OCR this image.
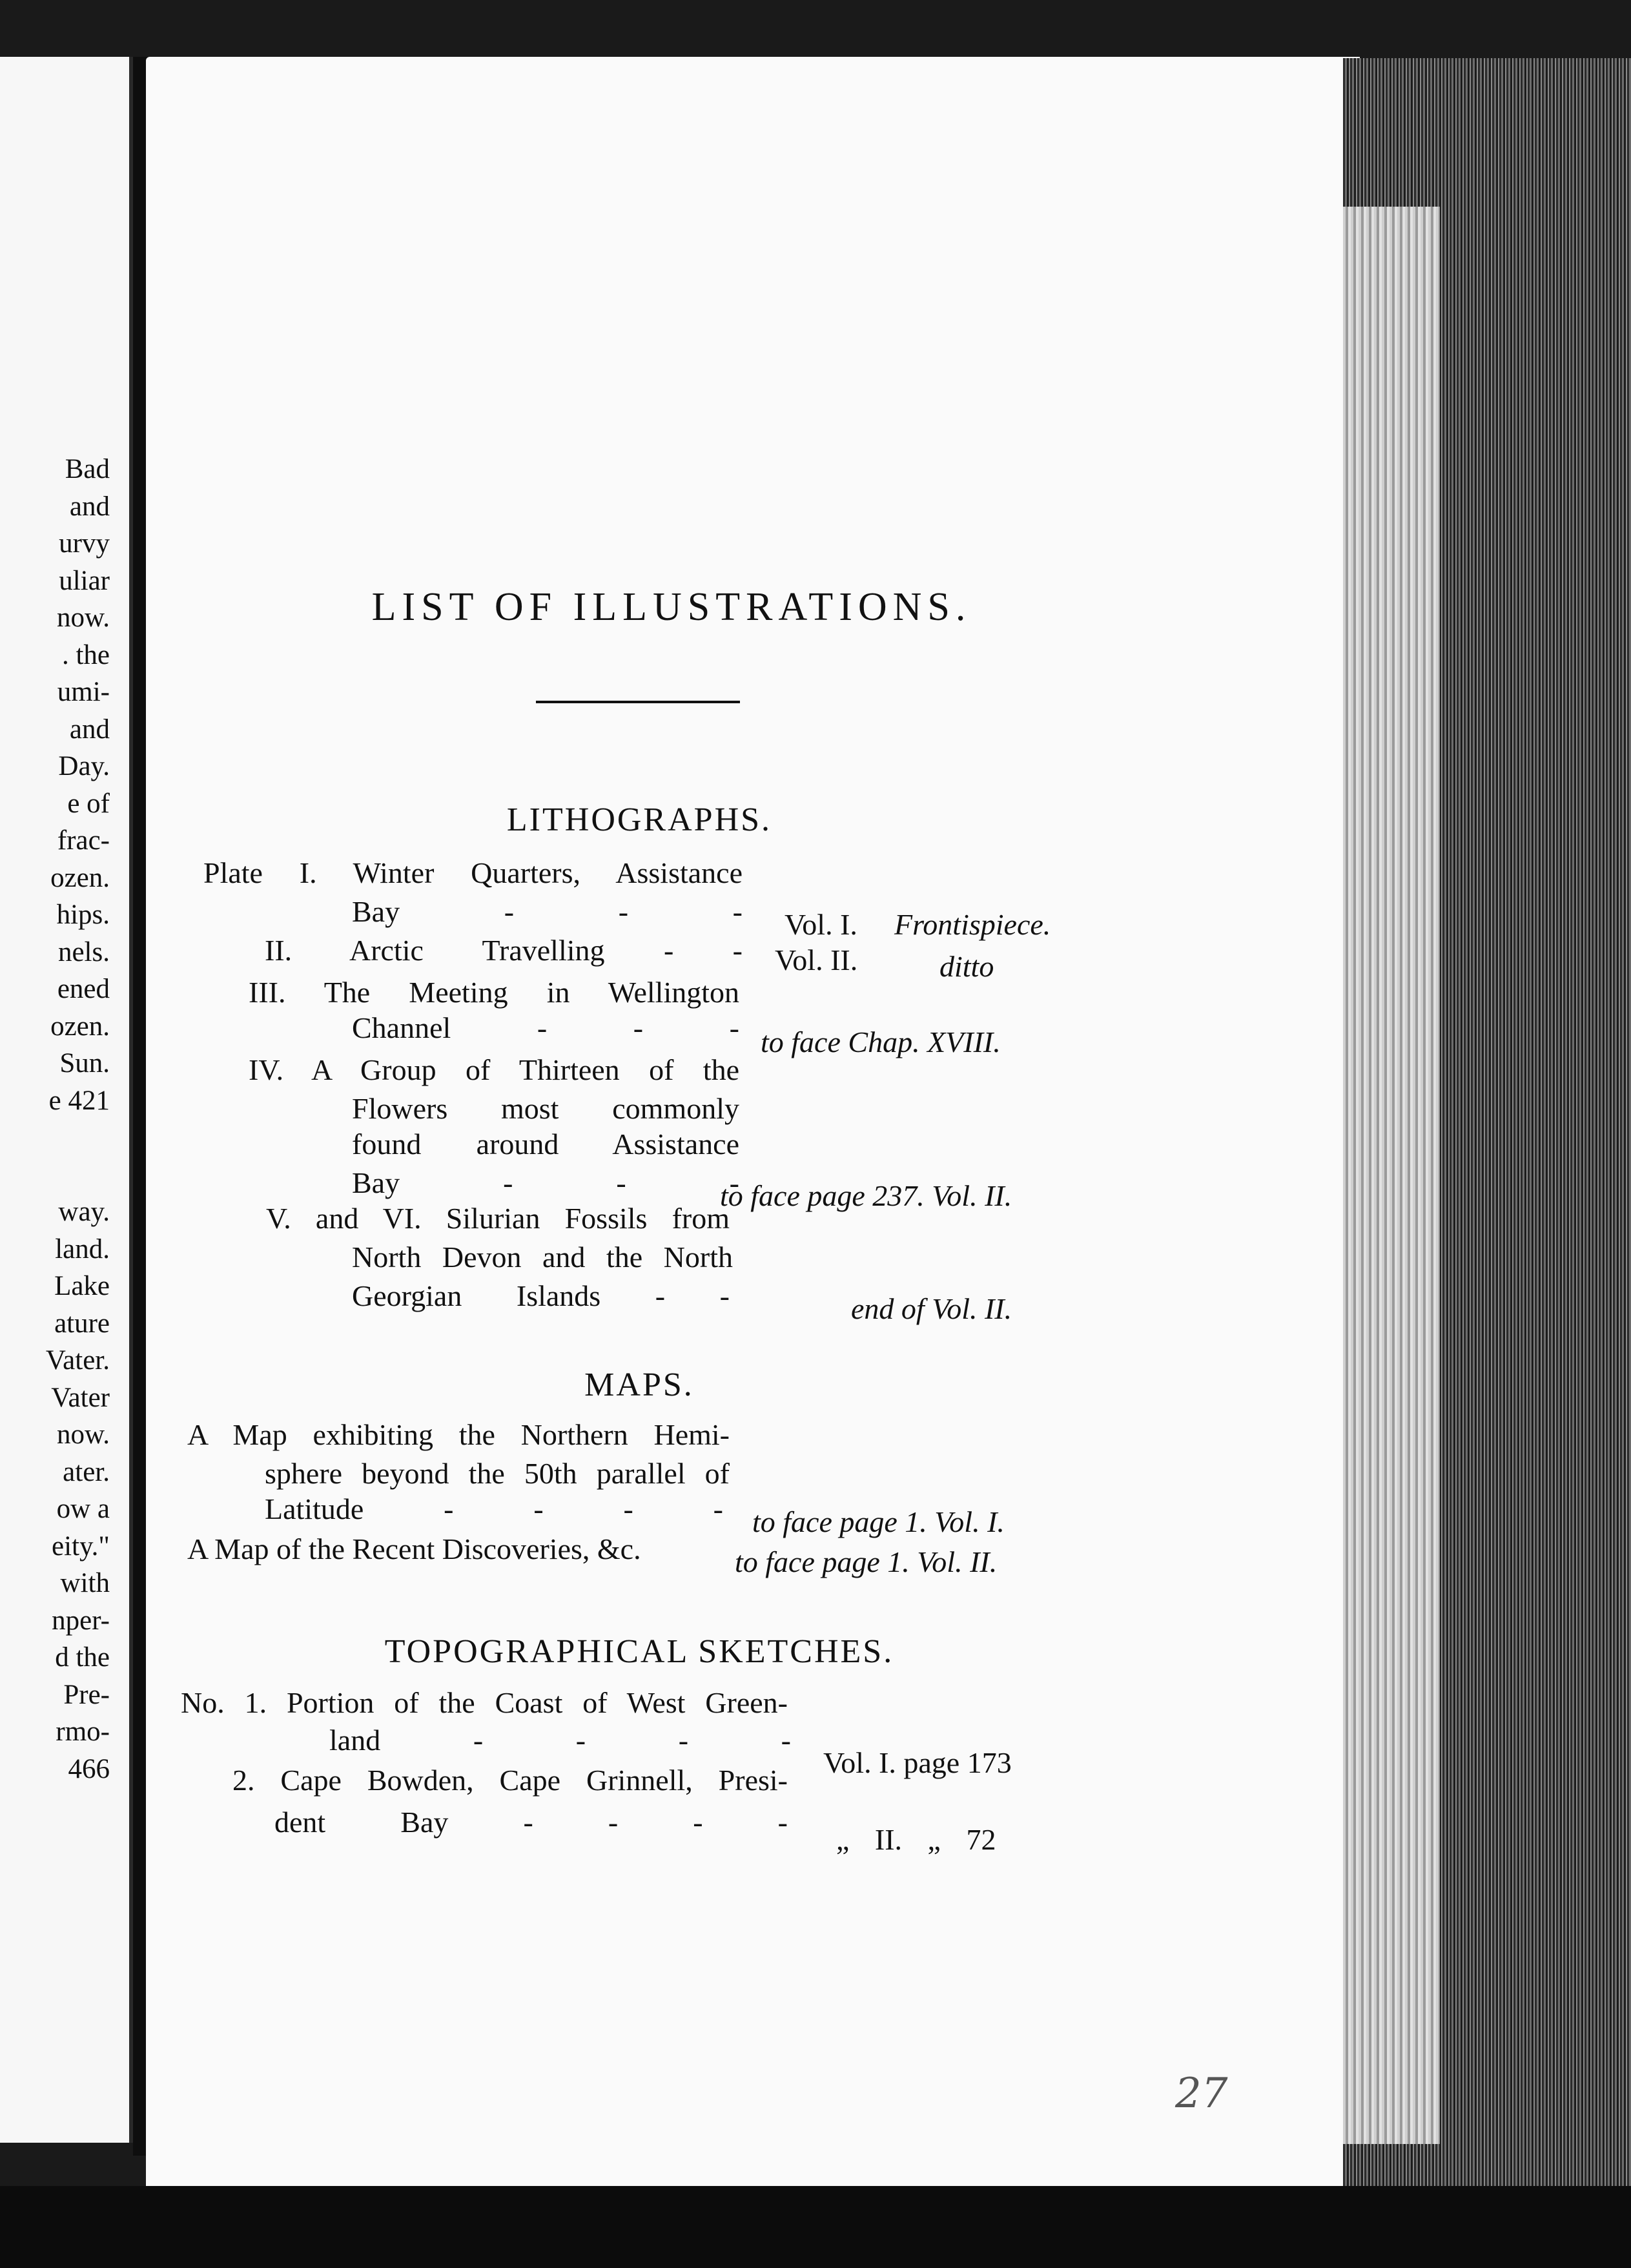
Bad
and
urvy
uliar
now.
. the
umi-
and
Day.
e of
frac-
ozen.
hips.
nels.
ened
ozen.
Sun.
e 421

way.
land.
Lake
ature
Vater.
Vater
now.
ater.
ow a
eity."
with
nper-
d the
Pre-
rmo-
466
LIST OF ILLUSTRATIONS.
LITHOGRAPHS.
Plate I. Winter Quarters, Assistance
Bay - - - Vol. I. Frontispiece.
II. Arctic Travelling - - Vol. II.	ditto
III. The Meeting in Wellington
Channel - - - to face Chap. XVIII.
IV. A Group of Thirteen of the
Flowers most commonly
found around Assistance
Bay - - -
to face page 237. Vol. II.
V. and VI. Silurian Fossils from
North Devon and the North
Georgian Islands - -	end of Vol. II.
MAPS.
A Map exhibiting the Northern Hemi-
sphere beyond the 50th parallel of
Latitude - - - - to face page 1. Vol. I.
A Map of the Recent Discoveries, &c.	to face page 1. Vol. II.
TOPOGRAPHICAL SKETCHES.
No. 1. Portion of the Coast of West Green-
land - - - -
Vol. I. page 173
2. Cape Bowden, Cape Grinnell, Presi-
dent Bay - - - -
„ II. „ 72
27
